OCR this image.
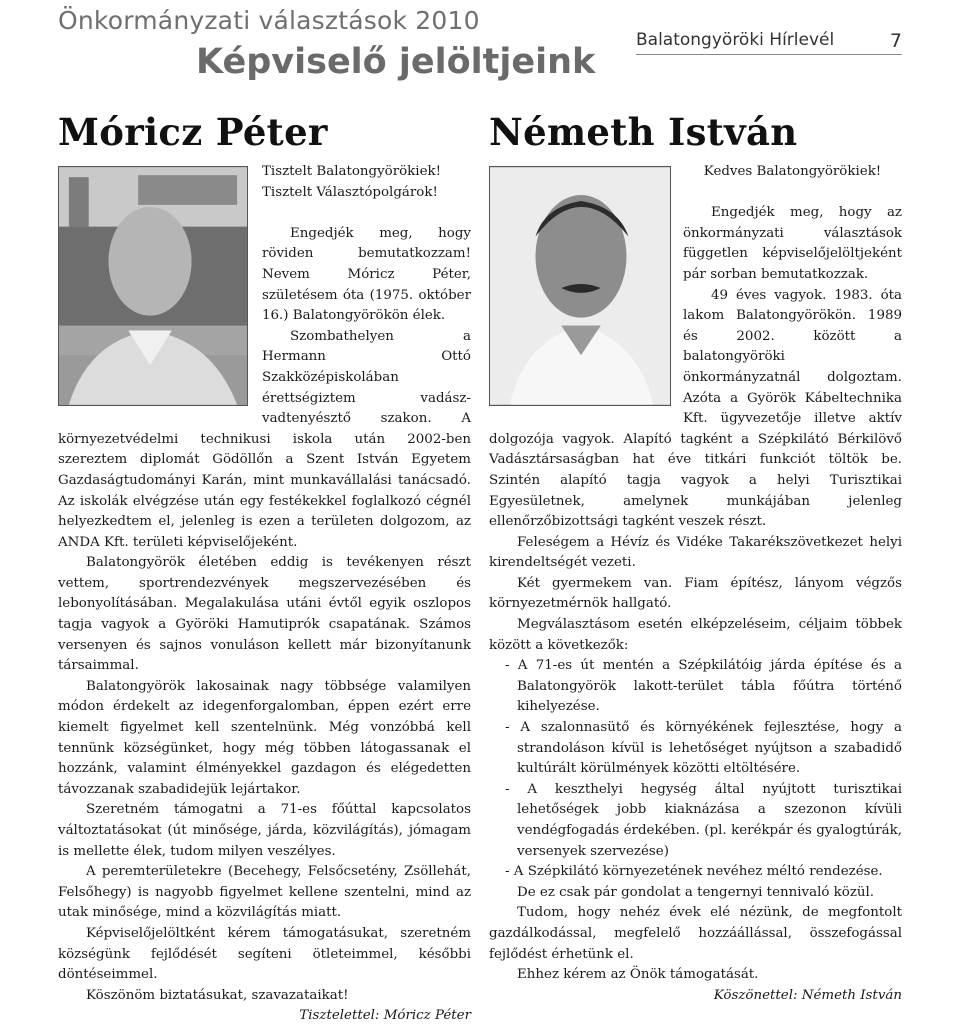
Önkormányzati választások 2010
Képviselő jelöltjeink
Balatongyöröki Hírlevél	7
Móricz Péter	Németh István

Tisztelt Balatongyörökiek!

Tisztelt Választópolgárok!

Engedjék meg, hogy röviden bemutatkozzam! Nevem Móricz Péter, születésem óta (1975. október 16.) Balatongyörökön élek.

Szombathelyen a Hermann Ottó Szakközépiskolában érettségiztem vadász-vadtenyésztő szakon. A környezetvédelmi technikusi iskola után 2002-ben szereztem diplomát Gödöllőn a Szent István Egyetem Gazdaságtudományi Karán, mint munkavállalási tanácsadó. Az iskolák elvégzése után egy festékekkel foglalkozó cégnél helyezkedtem el, jelenleg is ezen a területen dolgozom, az ANDA Kft. területi képviselőjeként.

Balatongyörök életében eddig is tevékenyen részt vettem, sportrendezvények megszervezésében és lebonyolításában. Megalakulása utáni évtől egyik oszlopos tagja vagyok a Györöki Hamutiprók csapatának. Számos versenyen és sajnos vonuláson kellett már bizonyítanunk társaimmal.

Balatongyörök lakosainak nagy többsége valamilyen módon érdekelt az idegenforgalomban, éppen ezért erre kiemelt figyelmet kell szentelnünk. Még vonzóbbá kell tennünk községünket, hogy még többen látogassanak el hozzánk, valamint élményekkel gazdagon és elégedetten távozzanak szabadidejük lejártakor.

Szeretném támogatni a 71-es főúttal kapcsolatos változtatásokat (út minősége, járda, közvilágítás), jómagam is mellette élek, tudom milyen veszélyes.

A peremterületekre (Becehegy, Felsőcsetény, Zsöllehát, Felsőhegy) is nagyobb figyelmet kellene szentelni, mind az utak minősége, mind a közvilágítás miatt.

Képviselőjelöltként kérem támogatásukat, szeretném községünk fejlődését segíteni ötleteimmel, későbbi döntéseimmel.

Köszönöm biztatásukat, szavazataikat!

Tisztelettel: Móricz Péter

Kedves Balatongyörökiek!

Engedjék meg, hogy az önkormányzati választások független képviselőjelöltjeként pár sorban bemutatkozzak.

49 éves vagyok. 1983. óta lakom Balatongyörökön. 1989 és 2002. között a balatongyöröki önkormányzatnál dolgoztam. Azóta a Györök Kábeltechnika Kft. ügyvezetője illetve aktív dolgozója vagyok. Alapító tagként a Szépkilátó Bérkilövő Vadásztársaságban hat éve titkári funkciót töltök be. Szintén alapító tagja vagyok a helyi Turisztikai Egyesületnek, amelynek munkájában jelenleg ellenőrzőbizottsági tagként veszek részt.

Feleségem a Hévíz és Vidéke Takarékszövetkezet helyi kirendeltségét vezeti.

Két gyermekem van. Fiam építész, lányom végzős környezetmérnök hallgató.

Megválasztásom esetén elképzeléseim, céljaim többek között a következők:

- A 71-es út mentén a Szépkilátóig járda építése és a Balatongyörök lakott-terület tábla főútra történő kihelyezése.

- A szalonnasütő és környékének fejlesztése, hogy a strandoláson kívül is lehetőséget nyújtson a szabadidő kultúrált körülmények közötti eltöltésére.

- A keszthelyi hegység által nyújtott turisztikai lehetőségek jobb kiaknázása a szezonon kívüli vendégfogadás érdekében. (pl. kerékpár és gyalogtúrák, versenyek szervezése)

- A Szépkilátó környezetének nevéhez méltó rendezése.

De ez csak pár gondolat a tengernyi tennivaló közül.

Tudom, hogy nehéz évek elé nézünk, de megfontolt gazdálkodással, megfelelő hozzáállással, összefogással fejlődést érhetünk el.

Ehhez kérem az Önök támogatását.

Köszönettel: Németh István
